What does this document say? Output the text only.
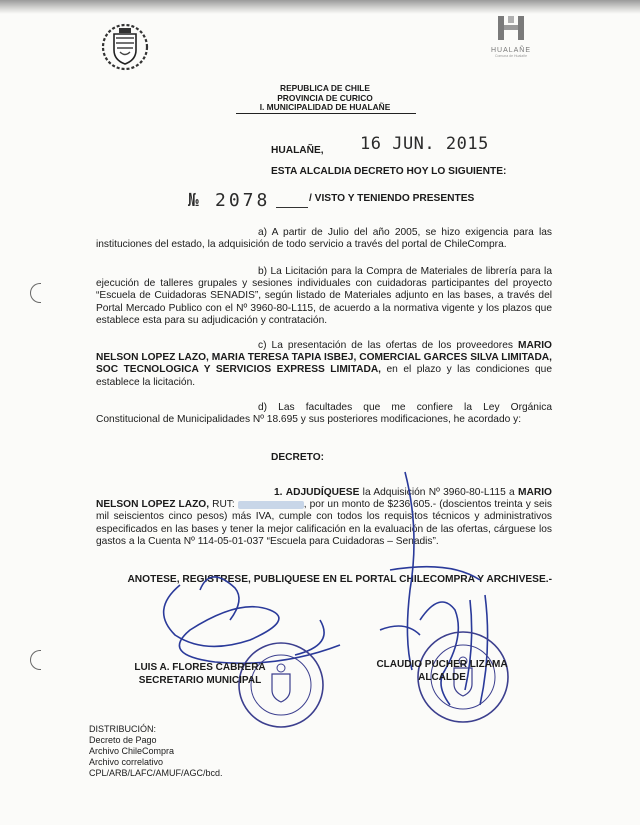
HUALAÑE
Comuna de Hualañe
REPUBLICA DE CHILE
PROVINCIA DE CURICO
I. MUNICIPALIDAD DE HUALAÑE
HUALAÑE, 16 JUN. 2015
ESTA ALCALDIA DECRETO HOY LO SIGUIENTE:
№ 2078	/ VISTO Y TENIENDO PRESENTES
a) A partir de Julio del año 2005, se hizo exigencia para las instituciones del estado, la adquisición de todo servicio a través del portal de ChileCompra.
b) La Licitación para la Compra de Materiales de librería para la ejecución de talleres grupales y sesiones individuales con cuidadoras participantes del proyecto “Escuela de Cuidadoras SENADIS”, según listado de Materiales adjunto en las bases, a través del Portal Mercado Publico con el Nº 3960-80-L115, de acuerdo a la normativa vigente y los plazos que establece esta para su adjudicación y contratación.
c) La presentación de las ofertas de los proveedores MARIO NELSON LOPEZ LAZO, MARIA TERESA TAPIA ISBEJ, COMERCIAL GARCES SILVA LIMITADA, SOC TECNOLOGICA Y SERVICIOS EXPRESS LIMITADA, en el plazo y las condiciones que establece la licitación.
d) Las facultades que me confiere la Ley Orgánica Constitucional de Municipalidades Nº 18.695 y sus posteriores modificaciones, he acordado y:
DECRETO:
1. ADJUDÍQUESE la Adquisición Nº 3960-80-L115 a MARIO NELSON LOPEZ LAZO, RUT:	, por un monto de $236.605.- (doscientos treinta y seis mil seiscientos cinco pesos) más IVA, cumple con todos los requisitos técnicos y administrativos especificados en las bases y tener la mejor calificación en la evaluación de las ofertas, cárguese los gastos a la Cuenta Nº 114-05-01-037 “Escuela para Cuidadoras – Senadis”.
ANOTESE, REGISTRESE, PUBLIQUESE EN EL PORTAL CHILECOMPRA Y ARCHIVESE.-
LUIS A. FLORES CABRERA
SECRETARIO MUNICIPAL
CLAUDIO PUCHER LIZAMA
ALCALDE
DISTRIBUCIÓN:
Decreto de Pago
Archivo ChileCompra
Archivo correlativo
CPL/ARB/LAFC/AMUF/AGC/bcd.
